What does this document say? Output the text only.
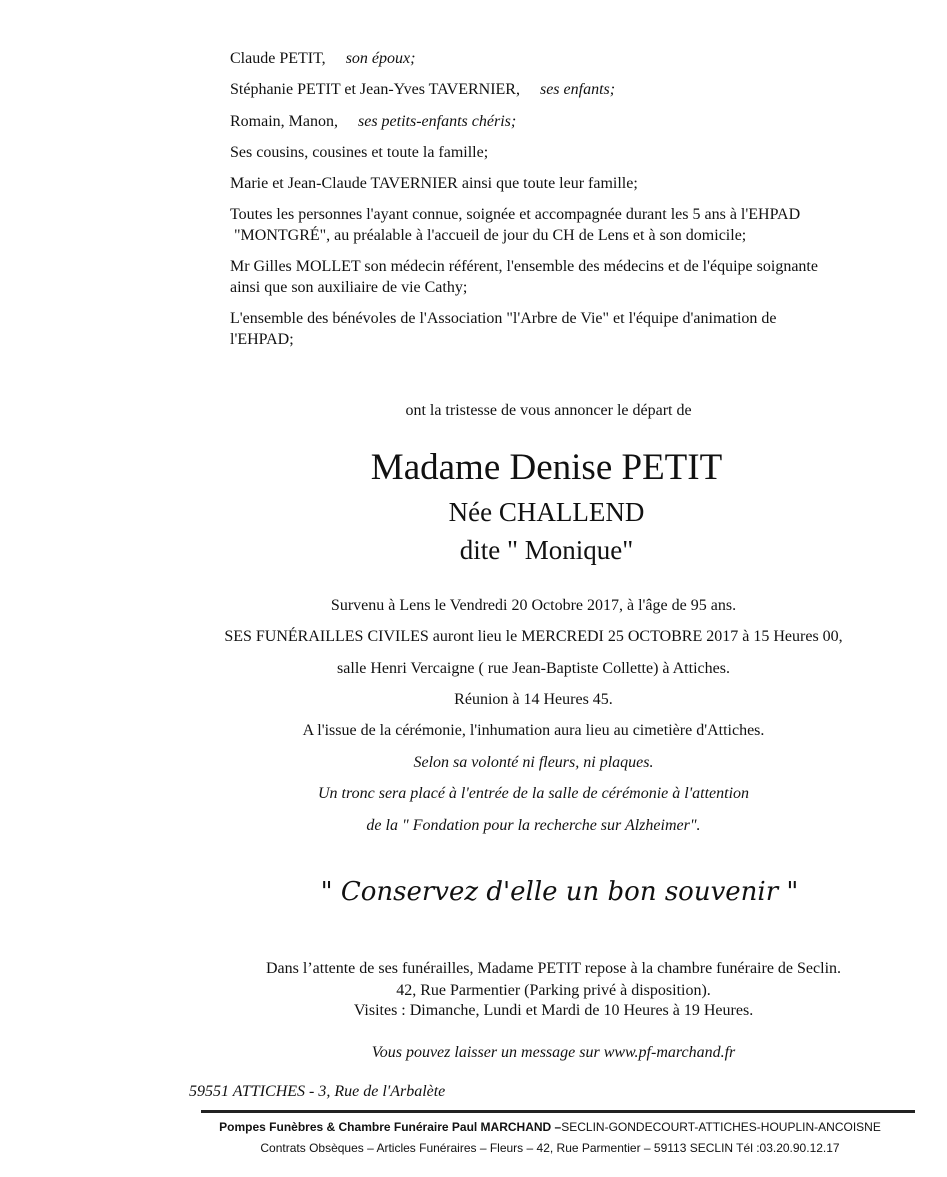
Claude PETIT, son époux;
Stéphanie PETIT et Jean-Yves TAVERNIER, ses enfants;
Romain, Manon, ses petits-enfants chéris;
Ses cousins, cousines et toute la famille;
Marie et Jean-Claude TAVERNIER ainsi que toute leur famille;
Toutes les personnes l'ayant connue, soignée et accompagnée durant les 5 ans à l'EHPAD
"MONTGRÉ", au préalable à l'accueil de jour du CH de Lens et à son domicile;
Mr Gilles MOLLET son médecin référent, l'ensemble des médecins et de l'équipe soignante
ainsi que son auxiliaire de vie Cathy;
L'ensemble des bénévoles de l'Association "l'Arbre de Vie" et l'équipe d'animation de
l'EHPAD;
ont la tristesse de vous annoncer le départ de
Madame Denise PETIT
Née CHALLEND
dite " Monique"
Survenu à Lens le Vendredi 20 Octobre 2017, à l'âge de 95 ans.
SES FUNÉRAILLES CIVILES auront lieu le MERCREDI 25 OCTOBRE 2017 à 15 Heures 00,
salle Henri Vercaigne ( rue Jean-Baptiste Collette) à Attiches.
Réunion à 14 Heures 45.
A l'issue de la cérémonie, l'inhumation aura lieu au cimetière d'Attiches.
Selon sa volonté ni fleurs, ni plaques.
Un tronc sera placé à l'entrée de la salle de cérémonie à l'attention
de la " Fondation pour la recherche sur Alzheimer".
" Conservez d'elle un bon souvenir "
Dans l’attente de ses funérailles, Madame PETIT repose à la chambre funéraire de Seclin.
42, Rue Parmentier (Parking privé à disposition).
Visites : Dimanche, Lundi et Mardi de 10 Heures à 19 Heures.
Vous pouvez laisser un message sur www.pf-marchand.fr
59551 ATTICHES - 3, Rue de l'Arbalète
Pompes Funèbres & Chambre Funéraire Paul MARCHAND –SECLIN-GONDECOURT-ATTICHES-HOUPLIN-ANCOISNE
Contrats Obsèques – Articles Funéraires – Fleurs – 42, Rue Parmentier – 59113 SECLIN Tél :03.20.90.12.17
